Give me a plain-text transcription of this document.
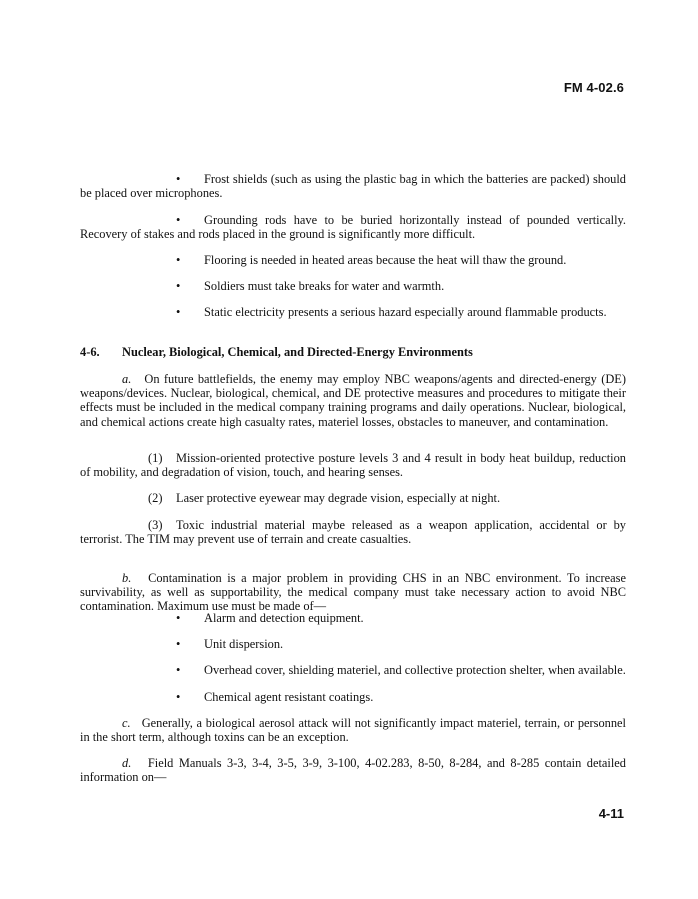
FM 4-02.6

• Frost shields (such as using the plastic bag in which the batteries are packed) should be placed over microphones.

• Grounding rods have to be buried horizontally instead of pounded vertically. Recovery of stakes and rods placed in the ground is significantly more difficult.

• Flooring is needed in heated areas because the heat will thaw the ground.

• Soldiers must take breaks for water and warmth.

• Static electricity presents a serious hazard especially around flammable products.

4-6. Nuclear, Biological, Chemical, and Directed-Energy Environments

a. On future battlefields, the enemy may employ NBC weapons/agents and directed-energy (DE) weapons/devices. Nuclear, biological, chemical, and DE protective measures and procedures to mitigate their effects must be included in the medical company training programs and daily operations. Nuclear, biological, and chemical actions create high casualty rates, materiel losses, obstacles to maneuver, and contamination.

(1) Mission-oriented protective posture levels 3 and 4 result in body heat buildup, reduction of mobility, and degradation of vision, touch, and hearing senses.

(2) Laser protective eyewear may degrade vision, especially at night.

(3) Toxic industrial material maybe released as a weapon application, accidental or by terrorist. The TIM may prevent use of terrain and create casualties.

b. Contamination is a major problem in providing CHS in an NBC environment. To increase survivability, as well as supportability, the medical company must take necessary action to avoid NBC contamination. Maximum use must be made of—

• Alarm and detection equipment.

• Unit dispersion.

• Overhead cover, shielding materiel, and collective protection shelter, when available.

• Chemical agent resistant coatings.

c. Generally, a biological aerosol attack will not significantly impact materiel, terrain, or personnel in the short term, although toxins can be an exception.

d. Field Manuals 3-3, 3-4, 3-5, 3-9, 3-100, 4-02.283, 8-50, 8-284, and 8-285 contain detailed information on—

4-11
